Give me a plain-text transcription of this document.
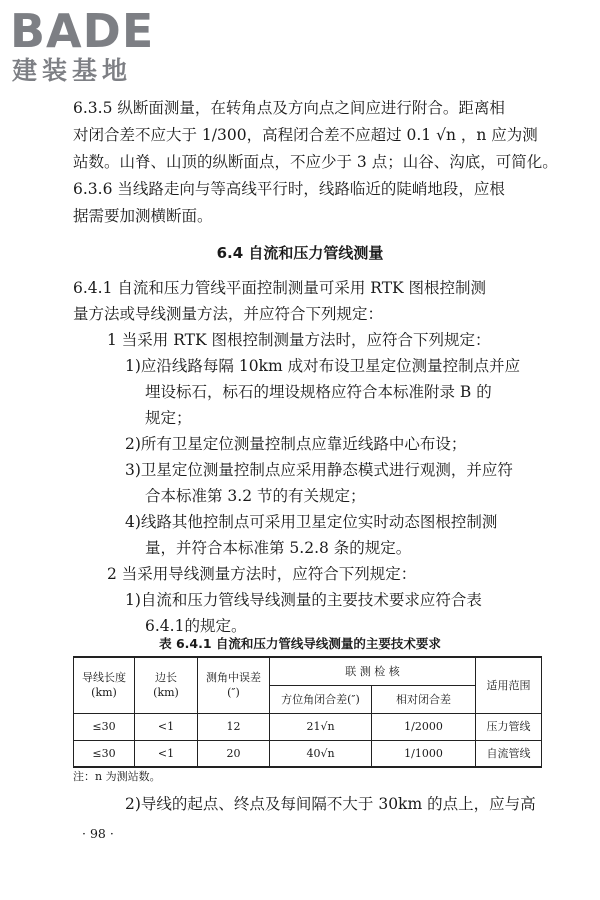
BADE
建装基地
6.3.5 纵断面测量，在转角点及方向点之间应进行附合。距离相
对闭合差不应大于 1/300，高程闭合差不应超过 0.1 √n ，n 应为测
站数。山脊、山顶的纵断面点，不应少于 3 点；山谷、沟底，可简化。
6.3.6 当线路走向与等高线平行时，线路临近的陡峭地段，应根
据需要加测横断面。
6.4 自流和压力管线测量
6.4.1 自流和压力管线平面控制测量可采用 RTK 图根控制测
量方法或导线测量方法，并应符合下列规定：
1 当采用 RTK 图根控制测量方法时，应符合下列规定：
1)应沿线路每隔 10km 成对布设卫星定位测量控制点并应
埋设标石，标石的埋设规格应符合本标准附录 B 的
规定；
2)所有卫星定位测量控制点应靠近线路中心布设；
3)卫星定位测量控制点应采用静态模式进行观测，并应符
合本标准第 3.2 节的有关规定；
4)线路其他控制点可采用卫星定位实时动态图根控制测
量，并符合本标准第 5.2.8 条的规定。
2 当采用导线测量方法时，应符合下列规定：
1)自流和压力管线导线测量的主要技术要求应符合表
6.4.1的规定。
表 6.4.1 自流和压力管线导线测量的主要技术要求
导线长度
(km)	边长
(km)	测角中误差
(″)	联 测 检 核		适用范围
			方位角闭合差(″)	相对闭合差	
≤30	<1	12	21√n	1/2000	压力管线
≤30	<1	20	40√n	1/1000	自流管线
注：n 为测站数。
2)导线的起点、终点及每间隔不大于 30km 的点上，应与高
· 98 ·
